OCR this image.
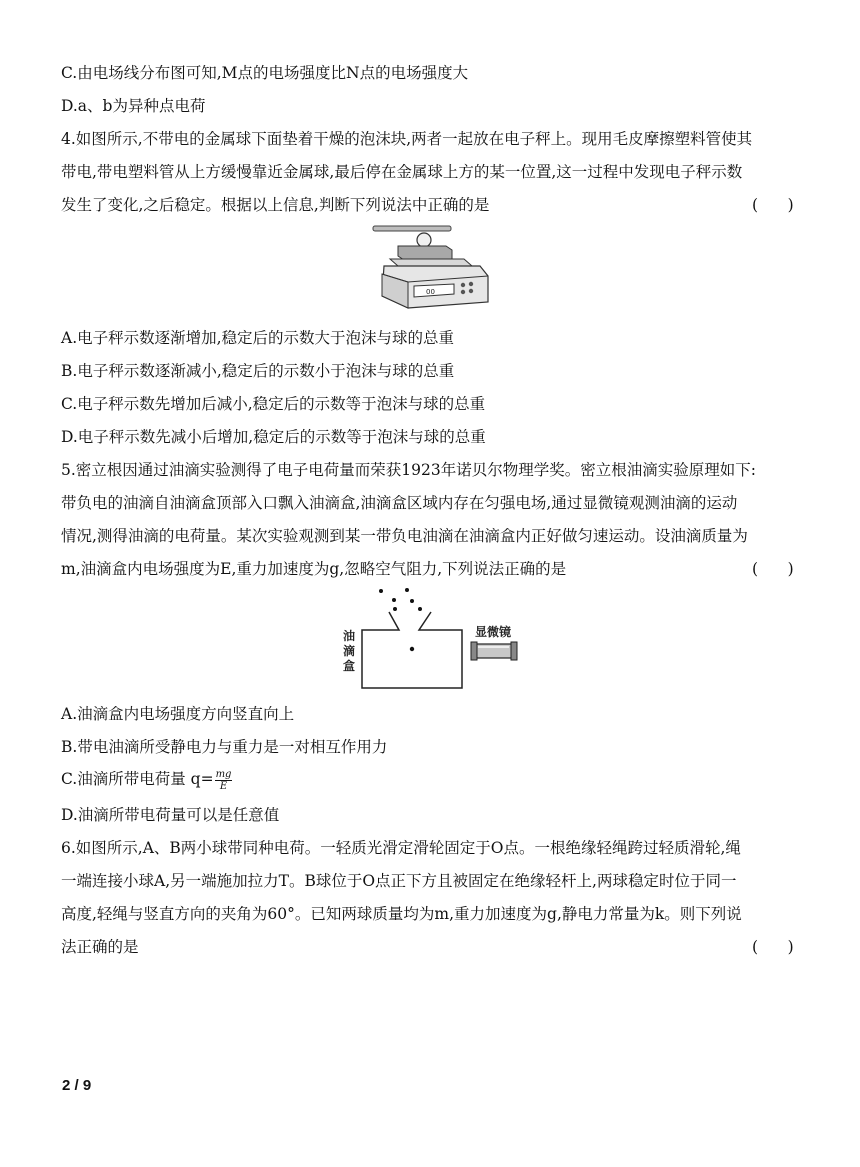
C.由电场线分布图可知,M点的电场强度比N点的电场强度大
D.a、b为异种点电荷
4.如图所示,不带电的金属球下面垫着干燥的泡沫块,两者一起放在电子秤上。现用毛皮摩擦塑料管使其
带电,带电塑料管从上方缓慢靠近金属球,最后停在金属球上方的某一位置,这一过程中发现电子秤示数
发生了变化,之后稳定。根据以上信息,判断下列说法中正确的是	(      )
00
A.电子秤示数逐渐增加,稳定后的示数大于泡沫与球的总重
B.电子秤示数逐渐减小,稳定后的示数小于泡沫与球的总重
C.电子秤示数先增加后减小,稳定后的示数等于泡沫与球的总重
D.电子秤示数先减小后增加,稳定后的示数等于泡沫与球的总重
5.密立根因通过油滴实验测得了电子电荷量而荣获1923年诺贝尔物理学奖。密立根油滴实验原理如下:
带负电的油滴自油滴盒顶部入口飘入油滴盒,油滴盒区域内存在匀强电场,通过显微镜观测油滴的运动
情况,测得油滴的电荷量。某次实验观测到某一带负电油滴在油滴盒内正好做匀速运动。设油滴质量为
m,油滴盒内电场强度为E,重力加速度为g,忽略空气阻力,下列说法正确的是	(      )
油
滴
盒
显微镜
A.油滴盒内电场强度方向竖直向上
B.带电油滴所受静电力与重力是一对相互作用力
C.油滴所带电荷量 $q= \frac{mg}{E}$
D.油滴所带电荷量可以是任意值
6.如图所示,A、B两小球带同种电荷。一轻质光滑定滑轮固定于O点。一根绝缘轻绳跨过轻质滑轮,绳
一端连接小球A,另一端施加拉力T。B球位于O点正下方且被固定在绝缘轻杆上,两球稳定时位于同一
高度,轻绳与竖直方向的夹角为60°。已知两球质量均为m,重力加速度为g,静电力常量为k。则下列说
法正确的是	(      )
2 / 9
